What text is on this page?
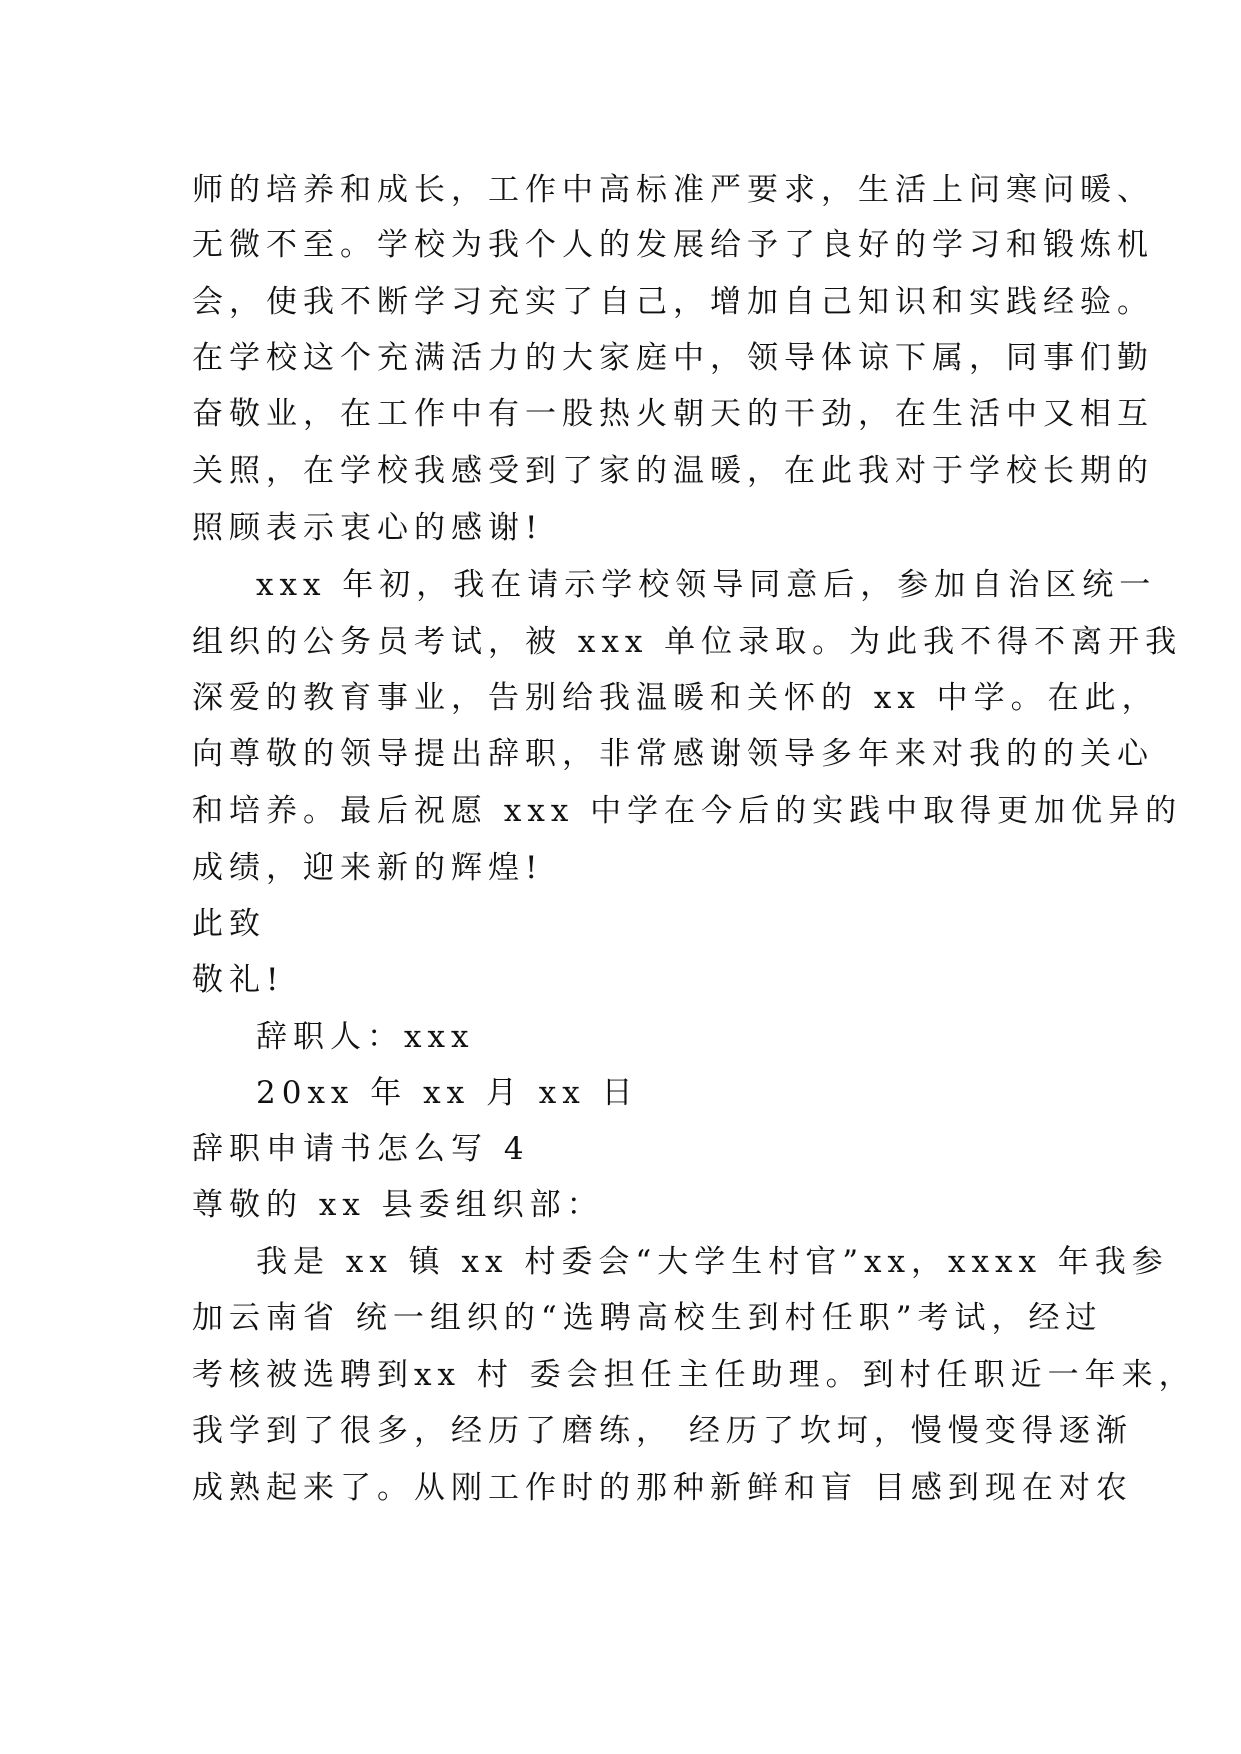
师的培养和成长，工作中高标准严要求，生活上问寒问暖、
无微不至。学校为我个人的发展给予了良好的学习和锻炼机
会，使我不断学习充实了自己，增加自己知识和实践经验。
在学校这个充满活力的大家庭中，领导体谅下属，同事们勤
奋敬业，在工作中有一股热火朝天的干劲，在生活中又相互
关照，在学校我感受到了家的温暖，在此我对于学校长期的
照顾表示衷心的感谢!
xxx 年初，我在请示学校领导同意后，参加自治区统一
组织的公务员考试，被 xxx 单位录取。为此我不得不离开我
深爱的教育事业，告别给我温暖和关怀的 xx 中学。在此，
向尊敬的领导提出辞职，非常感谢领导多年来对我的的关心
和培养。最后祝愿 xxx 中学在今后的实践中取得更加优异的
成绩，迎来新的辉煌!
此致
敬礼!
辞职人：xxx
20xx 年 xx 月 xx 日
辞职申请书怎么写 4
尊敬的 xx 县委组织部：
我是 xx 镇 xx 村委会“大学生村官”xx，xxxx 年我参
加云南省 统一组织的“选聘高校生到村任职”考试，经过
考核被选聘到xx 村 委会担任主任助理。到村任职近一年来，
我学到了很多，经历了磨练， 经历了坎坷，慢慢变得逐渐
成熟起来了。从刚工作时的那种新鲜和盲 目感到现在对农
